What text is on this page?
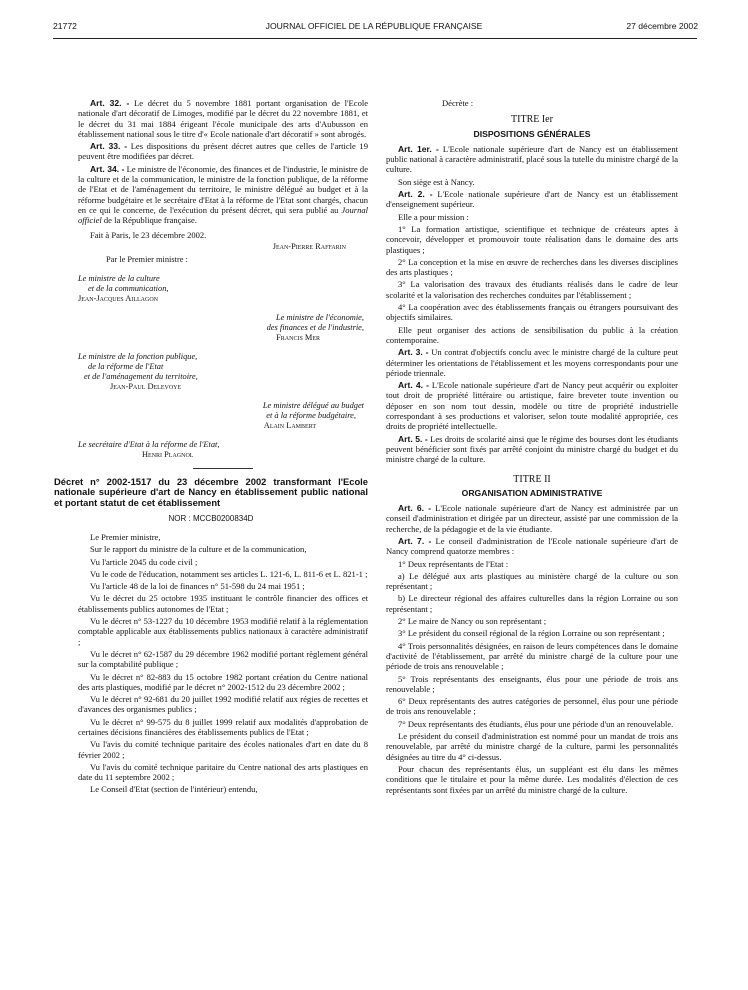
21772	JOURNAL OFFICIEL DE LA RÉPUBLIQUE FRANÇAISE	27 décembre 2002

Art. 32. - Le décret du 5 novembre 1881 portant organisation de l'Ecole nationale d'art décoratif de Limoges, modifié par le décret du 22 novembre 1881, et le décret du 31 mai 1884 érigeant l'école municipale des arts d'Aubusson en établissement national sous le titre d'« Ecole nationale d'art décoratif » sont abrogés.

Art. 33. - Les dispositions du présent décret autres que celles de l'article 19 peuvent être modifiées par décret.

Art. 34. - Le ministre de l'économie, des finances et de l'industrie, le ministre de la culture et de la communication, le ministre de la fonction publique, de la réforme de l'Etat et de l'aménagement du territoire, le ministre délégué au budget et à la réforme budgétaire et le secrétaire d'Etat à la réforme de l'Etat sont chargés, chacun en ce qui le concerne, de l'exécution du présent décret, qui sera publié au Journal officiel de la République française.

Fait à Paris, le 23 décembre 2002.

Jean-Pierre Raffarin
Par le Premier ministre :
Le ministre de la culture
et de la communication,
Jean-Jacques Aillagon
Le ministre de l'économie,
des finances et de l'industrie,
Francis Mer
Le ministre de la fonction publique,
de la réforme de l'Etat
et de l'aménagement du territoire,
Jean-Paul Delevoye
Le ministre délégué au budget
et à la réforme budgétaire,
Alain Lambert
Le secrétaire d'Etat à la réforme de l'Etat,
Henri Plagnol
Décret n° 2002-1517 du 23 décembre 2002 transformant l'Ecole nationale supérieure d'art de Nancy en établissement public national et portant statut de cet établissement
NOR : MCCB0200834D

Le Premier ministre,

Sur le rapport du ministre de la culture et de la communication,

Vu l'article 2045 du code civil ;

Vu le code de l'éducation, notamment ses articles L. 121-6, L. 811-6 et L. 821-1 ;

Vu l'article 48 de la loi de finances n° 51-598 du 24 mai 1951 ;

Vu le décret du 25 octobre 1935 instituant le contrôle financier des offices et établissements publics autonomes de l'Etat ;

Vu le décret n° 53-1227 du 10 décembre 1953 modifié relatif à la réglementation comptable applicable aux établissements publics nationaux à caractère administratif ;

Vu le décret n° 62-1587 du 29 décembre 1962 modifié portant règlement général sur la comptabilité publique ;

Vu le décret n° 82-883 du 15 octobre 1982 portant création du Centre national des arts plastiques, modifié par le décret n° 2002-1512 du 23 décembre 2002 ;

Vu le décret n° 92-681 du 20 juillet 1992 modifié relatif aux régies de recettes et d'avances des organismes publics ;

Vu le décret n° 99-575 du 8 juillet 1999 relatif aux modalités d'approbation de certaines décisions financières des établissements publics de l'Etat ;

Vu l'avis du comité technique paritaire des écoles nationales d'art en date du 8 février 2002 ;

Vu l'avis du comité technique paritaire du Centre national des arts plastiques en date du 11 septembre 2002 ;

Le Conseil d'Etat (section de l'intérieur) entendu,

Décrète :

TITRE Ier
DISPOSITIONS GÉNÉRALES

Art. 1er. - L'Ecole nationale supérieure d'art de Nancy est un établissement public national à caractère administratif, placé sous la tutelle du ministre chargé de la culture.

Son siège est à Nancy.

Art. 2. - L'Ecole nationale supérieure d'art de Nancy est un établissement d'enseignement supérieur.

Elle a pour mission :

1° La formation artistique, scientifique et technique de créateurs aptes à concevoir, développer et promouvoir toute réalisation dans le domaine des arts plastiques ;

2° La conception et la mise en œuvre de recherches dans les diverses disciplines des arts plastiques ;

3° La valorisation des travaux des étudiants réalisés dans le cadre de leur scolarité et la valorisation des recherches conduites par l'établissement ;

4° La coopération avec des établissements français ou étrangers poursuivant des objectifs similaires.

Elle peut organiser des actions de sensibilisation du public à la création contemporaine.

Art. 3. - Un contrat d'objectifs conclu avec le ministre chargé de la culture peut déterminer les orientations de l'établissement et les moyens correspondants pour une période triennale.

Art. 4. - L'Ecole nationale supérieure d'art de Nancy peut acquérir ou exploiter tout droit de propriété littéraire ou artistique, faire breveter toute invention ou déposer en son nom tout dessin, modèle ou titre de propriété industrielle correspondant à ses productions et valoriser, selon toute modalité appropriée, ces droits de propriété intellectuelle.

Art. 5. - Les droits de scolarité ainsi que le régime des bourses dont les étudiants peuvent bénéficier sont fixés par arrêté conjoint du ministre chargé du budget et du ministre chargé de la culture.

TITRE II
ORGANISATION ADMINISTRATIVE

Art. 6. - L'Ecole nationale supérieure d'art de Nancy est administrée par un conseil d'administration et dirigée par un directeur, assisté par une commission de la recherche, de la pédagogie et de la vie étudiante.

Art. 7. - Le conseil d'administration de l'Ecole nationale supérieure d'art de Nancy comprend quatorze membres :

1° Deux représentants de l'Etat :

a) Le délégué aux arts plastiques au ministère chargé de la culture ou son représentant ;

b) Le directeur régional des affaires culturelles dans la région Lorraine ou son représentant ;

2° Le maire de Nancy ou son représentant ;

3° Le président du conseil régional de la région Lorraine ou son représentant ;

4° Trois personnalités désignées, en raison de leurs compétences dans le domaine d'activité de l'établissement, par arrêté du ministre chargé de la culture pour une période de trois ans renouvelable ;

5° Trois représentants des enseignants, élus pour une période de trois ans renouvelable ;

6° Deux représentants des autres catégories de personnel, élus pour une période de trois ans renouvelable ;

7° Deux représentants des étudiants, élus pour une période d'un an renouvelable.

Le président du conseil d'administration est nommé pour un mandat de trois ans renouvelable, par arrêté du ministre chargé de la culture, parmi les personnalités désignées au titre du 4° ci-dessus.

Pour chacun des représentants élus, un suppléant est élu dans les mêmes conditions que le titulaire et pour la même durée. Les modalités d'élection de ces représentants sont fixées par un arrêté du ministre chargé de la culture.
